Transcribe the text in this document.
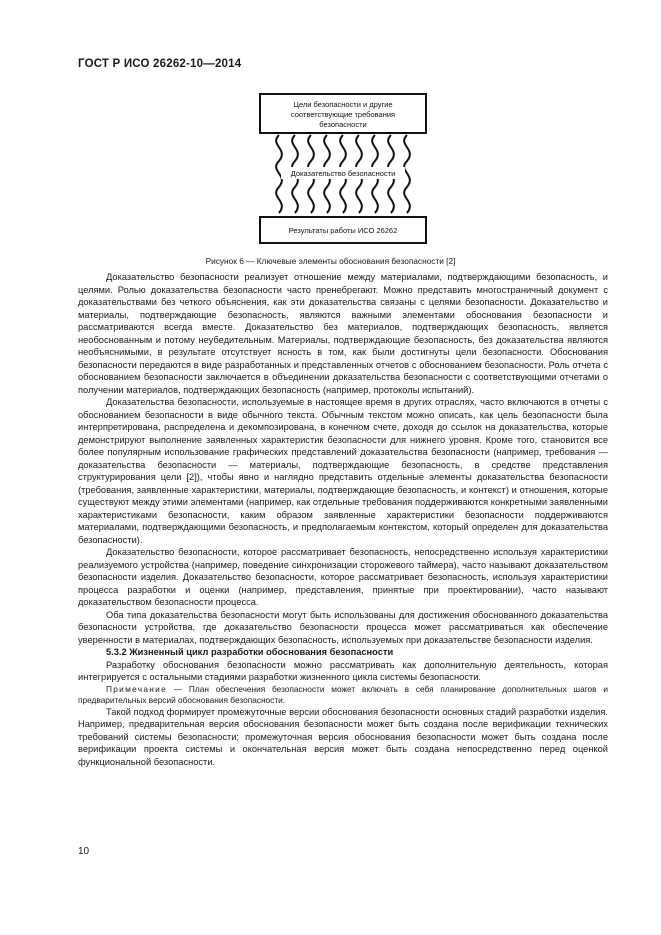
ГОСТ Р ИСО 26262-10—2014
Цели безопасности и другие
соответствующие требования
безопасности
Доказательство безопасности
Результаты работы ИСО 26262
Рисунок 6 — Ключевые элементы обоснования безопасности [2]

Доказательство безопасности реализует отношение между материалами, подтверждающими безопасность, и целями. Ролью доказательства безопасности часто пренебрегают. Можно представить многостраничный документ с доказательствами без четкого объяснения, как эти доказательства связаны с целями безопасности. Доказательство и материалы, подтверждающие безопасность, являются важными элементами обоснования безопасности и рассматриваются всегда вместе. Доказательство без материалов, подтверждающих безопасность, является необоснованным и потому неубедительным. Материалы, подтверждающие безопасность, без доказательства являются необъяснимыми, в результате отсутствует ясность в том, как были достигнуты цели безопасности. Обоснования безопасности передаются в виде разработанных и представленных отчетов с обоснованием безопасности. Роль отчета с обоснованием безопасности заключается в объединении доказательства безопасности с соответствующими отчетами о получении материалов, подтверждающих безопасность (например, протоколы испытаний).

Доказательства безопасности, используемые в настоящее время в других отраслях, часто включаются в отчеты с обоснованием безопасности в виде обычного текста. Обычным текстом можно описать, как цель безопасности была интерпретирована, распределена и декомпозирована, в конечном счете, доходя до ссылок на доказательства, которые демонстрируют выполнение заявленных характеристик безопасности для нижнего уровня. Кроме того, становится все более популярным использование графических представлений доказательства безопасности (например, требования — доказательства безопасности — материалы, подтверждающие безопасность, в средстве представления структурирования цели [2]), чтобы явно и наглядно представить отдельные элементы доказательства безопасности (требования, заявленные характеристики, материалы, подтверждающие безопасность, и контекст) и отношения, которые существуют между этими элементами (например, как отдельные требования поддерживаются конкретными заявленными характеристиками безопасности, каким образом заявленные характеристики безопасности поддерживаются материалами, подтверждающими безопасность, и предполагаемым контекстом, который определен для доказательства безопасности).

Доказательство безопасности, которое рассматривает безопасность, непосредственно используя характеристики реализуемого устройства (например, поведение синхронизации сторожевого таймера), часто называют доказательством безопасности изделия. Доказательство безопасности, которое рассматривает безопасность, используя характеристики процесса разработки и оценки (например, представления, принятые при проектировании), часто называют доказательством безопасности процесса.

Оба типа доказательства безопасности могут быть использованы для достижения обоснованного доказательства безопасности устройства, где доказательство безопасности процесса может рассматриваться как обеспечение уверенности в материалах, подтверждающих безопасность, используемых при доказательстве безопасности изделия.

5.3.2 Жизненный цикл разработки обоснования безопасности

Разработку обоснования безопасности можно рассматривать как дополнительную деятельность, которая интегрируется с остальными стадиями разработки жизненного цикла системы безопасности.

Примечание — План обеспечения безопасности может включать в себя планирование дополнительных шагов и предварительных версий обоснования безопасности.

Такой подход формирует промежуточные версии обоснования безопасности основных стадий разработки изделия. Например, предварительная версия обоснования безопасности может быть создана после верификации технических требований системы безопасности; промежуточная версия обоснования безопасности может быть создана после верификации проекта системы и окончательная версия может быть создана непосредственно перед оценкой функциональной безопасности.

10
